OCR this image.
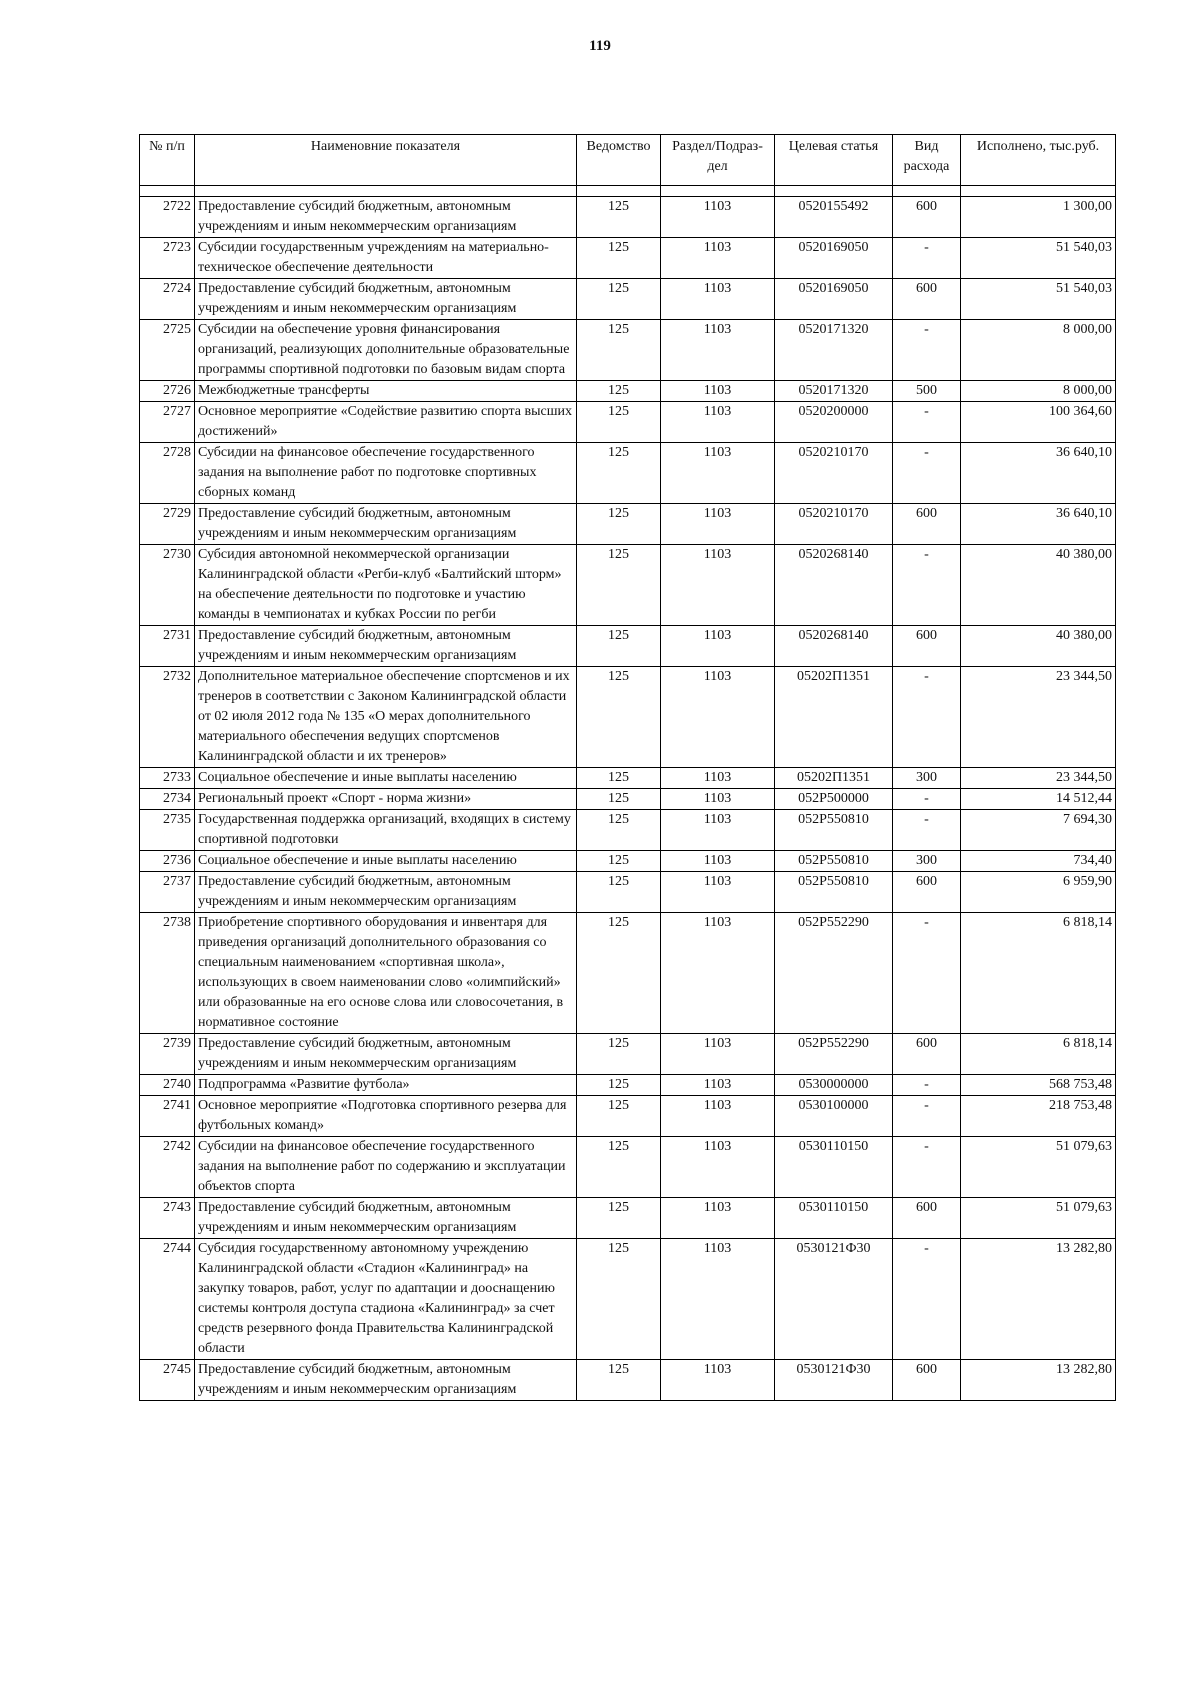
119
№ п/п	Наименовние показателя	Ведомство	Раздел/Подраз-дел	Целевая статья	Вид расхода	Исполнено, тыс.руб.

2722	Предоставление субсидий бюджетным, автономным учреждениям и иным некоммерческим организациям	125	1103	0520155492	600	1 300,00
2723	Субсидии государственным учреждениям на материально-техническое обеспечение деятельности	125	1103	0520169050	-	51 540,03
2724	Предоставление субсидий бюджетным, автономным учреждениям и иным некоммерческим организациям	125	1103	0520169050	600	51 540,03
2725	Субсидии на обеспечение уровня финансирования организаций, реализующих дополнительные образовательные программы спортивной подготовки по базовым видам спорта	125	1103	0520171320	-	8 000,00
2726	Межбюджетные трансферты	125	1103	0520171320	500	8 000,00
2727	Основное мероприятие «Содействие развитию спорта высших достижений»	125	1103	0520200000	-	100 364,60
2728	Субсидии на финансовое обеспечение государственного задания на выполнение работ по подготовке спортивных сборных команд	125	1103	0520210170	-	36 640,10
2729	Предоставление субсидий бюджетным, автономным учреждениям и иным некоммерческим организациям	125	1103	0520210170	600	36 640,10
2730	Субсидия автономной некоммерческой организации Калининградской области «Регби-клуб «Балтийский шторм» на обеспечение деятельности по подготовке и участию команды в чемпионатах и кубках России по регби	125	1103	0520268140	-	40 380,00
2731	Предоставление субсидий бюджетным, автономным учреждениям и иным некоммерческим организациям	125	1103	0520268140	600	40 380,00
2732	Дополнительное материальное обеспечение спортсменов и их тренеров в соответствии с Законом Калининградской области от 02 июля 2012 года № 135 «О мерах дополнительного материального обеспечения ведущих спортсменов Калининградской области и их тренеров»	125	1103	05202П1351	-	23 344,50
2733	Социальное обеспечение и иные выплаты населению	125	1103	05202П1351	300	23 344,50
2734	Региональный проект «Спорт - норма жизни»	125	1103	052Р500000	-	14 512,44
2735	Государственная поддержка организаций, входящих в систему спортивной подготовки	125	1103	052Р550810	-	7 694,30
2736	Социальное обеспечение и иные выплаты населению	125	1103	052Р550810	300	734,40
2737	Предоставление субсидий бюджетным, автономным учреждениям и иным некоммерческим организациям	125	1103	052Р550810	600	6 959,90
2738	Приобретение спортивного оборудования и инвентаря для приведения организаций дополнительного образования со специальным наименованием «спортивная школа», использующих в своем наименовании слово «олимпийский» или образованные на его основе слова или словосочетания, в нормативное состояние	125	1103	052Р552290	-	6 818,14
2739	Предоставление субсидий бюджетным, автономным учреждениям и иным некоммерческим организациям	125	1103	052Р552290	600	6 818,14
2740	Подпрограмма «Развитие футбола»	125	1103	0530000000	-	568 753,48
2741	Основное мероприятие «Подготовка спортивного резерва для футбольных команд»	125	1103	0530100000	-	218 753,48
2742	Субсидии на финансовое обеспечение государственного задания на выполнение работ по содержанию и эксплуатации объектов спорта	125	1103	0530110150	-	51 079,63
2743	Предоставление субсидий бюджетным, автономным учреждениям и иным некоммерческим организациям	125	1103	0530110150	600	51 079,63
2744	Субсидия государственному автономному учреждению Калининградской области «Стадион «Калининград» на закупку товаров, работ, услуг по адаптации и дооснащению системы контроля доступа стадиона «Калининград» за счет средств резервного фонда Правительства Калининградской области	125	1103	0530121Ф30	-	13 282,80
2745	Предоставление субсидий бюджетным, автономным учреждениям и иным некоммерческим организациям	125	1103	0530121Ф30	600	13 282,80
